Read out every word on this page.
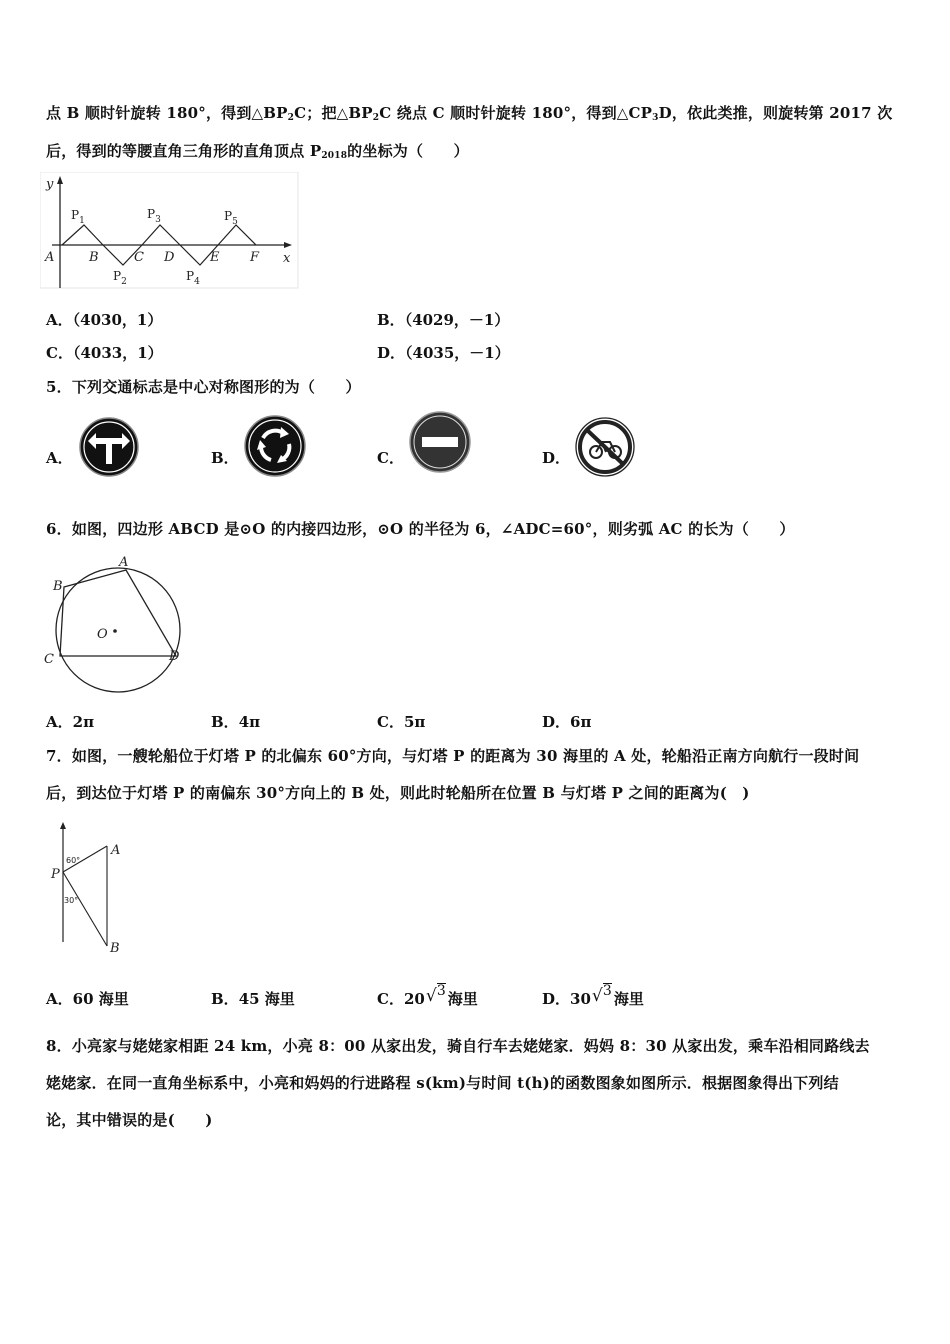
点 B 顺时针旋转 180°，得到$\triangle BP_2C$；把$\triangle BP_2C$ 绕点 C 顺时针旋转 180°，得到$\triangle CP_3D$，依此类推，则旋转第 2017 次
后，得到的等腰直角三角形的直角顶点 $P_{2018}$的坐标为（　　）
y
x
A	B	C D	E F
$P_1$
$P_2$
$P_3$
$P_4$
$P_5$
A．（4030，1）	B．（4029，－1）
C．（4033，1）	D．（4035，－1）
5．下列交通标志是中心对称图形的为（　　）
A．	B．	C．	D．
6．如图，四边形 ABCD 是⊙O 的内接四边形，⊙O 的半径为 6，∠ADC=60°，则劣弧 AC 的长为（　　）
A
B
C	D
O
A．2π	B．4π	C．5π	D．6π
7．如图，一艘轮船位于灯塔 P 的北偏东 60°方向，与灯塔 P 的距离为 30 海里的 A 处，轮船沿正南方向航行一段时间
后，到达位于灯塔 P 的南偏东 30°方向上的 B 处，则此时轮船所在位置 B 与灯塔 P 之间的距离为(　)
P
A
B
60°
30°
A．60 海里	B．45 海里	C．20 √ 3 海里	D．30 √ 3 海里
8．小亮家与姥姥家相距 24 km，小亮 8：00 从家出发，骑自行车去姥姥家．妈妈 8：30 从家出发，乘车沿相同路线去
姥姥家．在同一直角坐标系中，小亮和妈妈的行进路程 s(km)与时间 t(h)的函数图象如图所示．根据图象得出下列结
论，其中错误的是(　　)
